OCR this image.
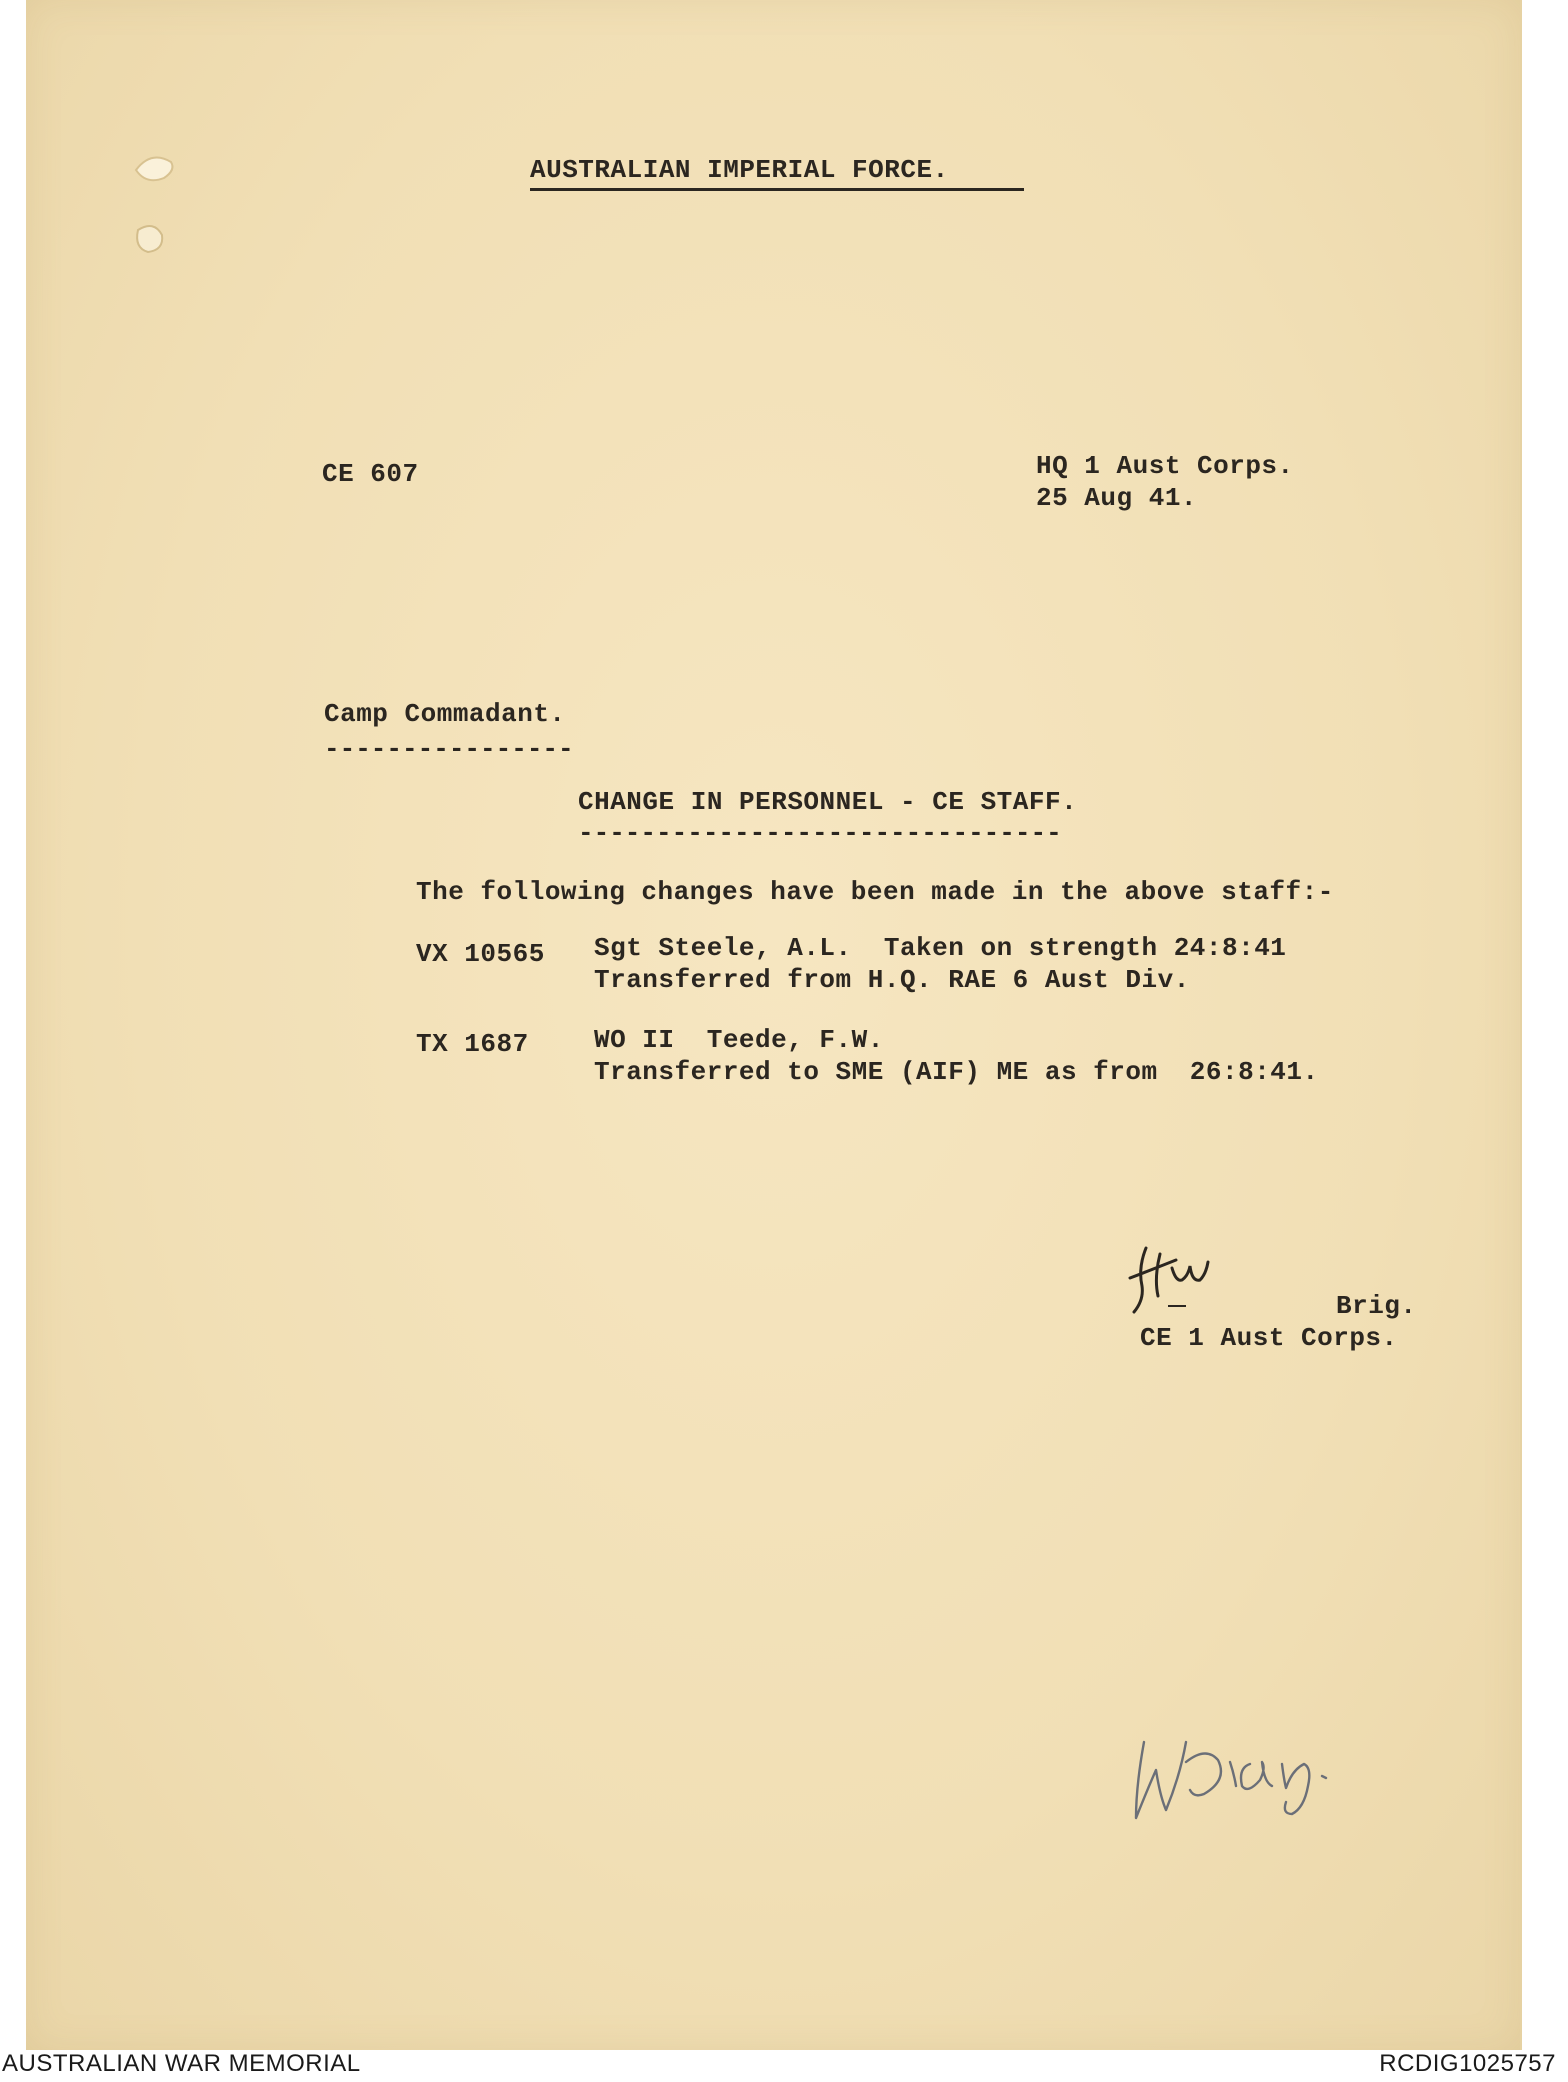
AUSTRALIAN IMPERIAL FORCE.
CE 607	HQ 1 Aust Corps.
25 Aug 41.
Camp Commadant.
----------------
CHANGE IN PERSONNEL - CE STAFF.
-------------------------------
The following changes have been made in the above staff:-
VX 10565 Sgt Steele, A.L.  Taken on strength 24:8:41
Transferred from H.Q. RAE 6 Aust Div.
TX 1687	WO II  Teede, F.W.
Transferred to SME (AIF) ME as from  26:8:41.
Brig.
CE 1 Aust Corps.
AUSTRALIAN WAR MEMORIAL	RCDIG1025757
